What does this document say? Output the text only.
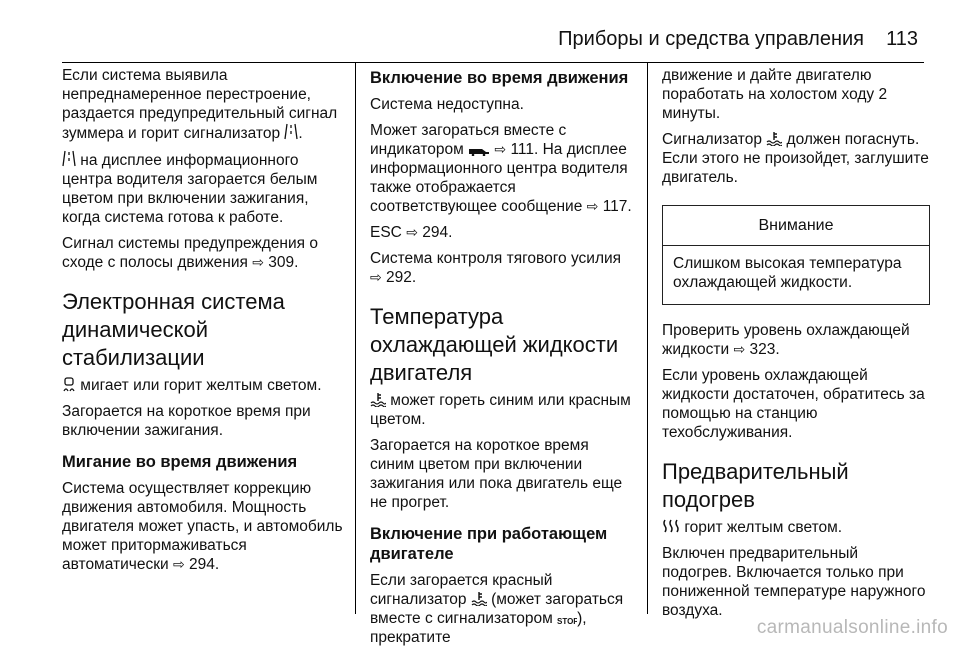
Приборы и средства управления 113

Если система выявила непреднамеренное перестроение, раздается предупредительный сигнал зуммера и горит сигнализатор .

на дисплее информационного центра водителя загорается белым цветом при включении зажигания, когда система готова к работе.

Сигнал системы предупреждения о сходе с полосы движения ⇨ 309.

Электронная система динамической стабилизации

мигает или горит желтым светом.

Загорается на короткое время при включении зажигания.

Мигание во время движения

Система осуществляет коррекцию движения автомобиля. Мощность двигателя может упасть, и автомобиль может притормаживаться автоматически ⇨ 294.

Включение во время движения

Система недоступна.

Может загораться вместе с индикатором  ⇨ 111. На дисплее информационного центра водителя также отображается соответствующее сообщение ⇨ 117.

ESC ⇨ 294.

Система контроля тягового усилия ⇨ 292.

Температура охлаждающей жидкости двигателя

может гореть синим или красным цветом.

Загорается на короткое время синим цветом при включении зажигания или пока двигатель еще не прогрет.

Включение при работающем двигателе

Если загорается красный сигнализатор  (может загораться вместе с сигнализатором STOP
), прекратите

движение и дайте двигателю поработать на холостом ходу 2 минуты.

Сигнализатор  должен погаснуть. Если этого не произойдет, заглушите двигатель.

Внимание
Слишком высокая температура охлаждающей жидкости.

Проверить уровень охлаждающей жидкости ⇨ 323.

Если уровень охлаждающей жидкости достаточен, обратитесь за помощью на станцию техобслуживания.

Предварительный подогрев

горит желтым светом.

Включен предварительный подогрев. Включается только при пониженной температуре наружного воздуха.

carmanualsonline.info
